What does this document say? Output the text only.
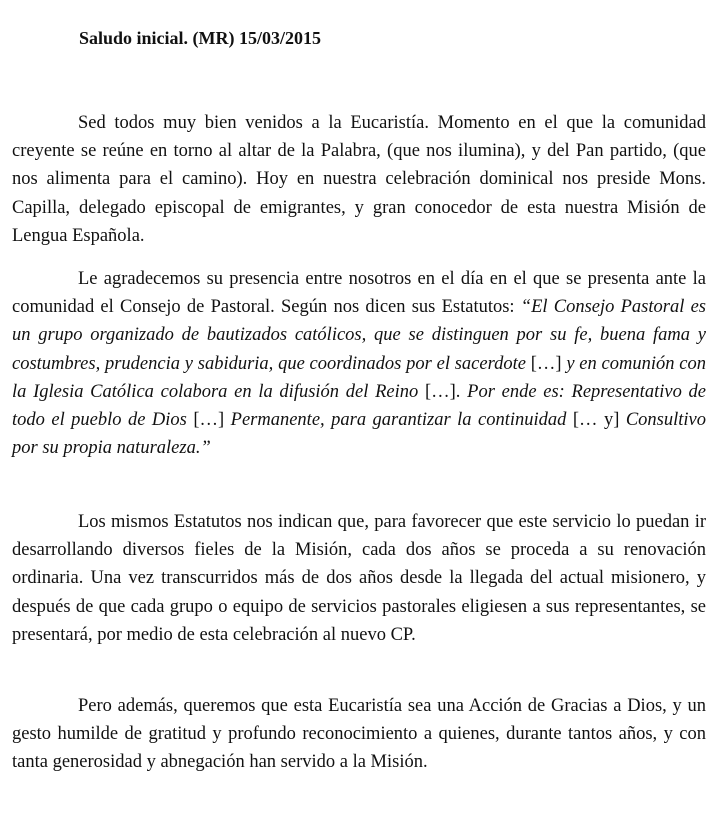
Saludo inicial. (MR) 15/03/2015

Sed todos muy bien venidos a la Eucaristía. Momento en el que la comunidad creyente se reúne en torno al altar de la Palabra, (que nos ilumina), y del Pan partido, (que nos alimenta para el camino). Hoy en nuestra celebración dominical nos preside Mons. Capilla, delegado episcopal de emigrantes, y gran conocedor de esta nuestra Misión de Lengua Española.

Le agradecemos su presencia entre nosotros en el día en el que se presenta ante la comunidad el Consejo de Pastoral. Según nos dicen sus Estatutos: “El Consejo Pastoral es un grupo organizado de bautizados católicos, que se distinguen por su fe, buena fama y costumbres, prudencia y sabiduria, que coordinados por el sacerdote […] y en comunión con la Iglesia Católica colabora en la difusión del Reino […]. Por ende es: Representativo de todo el pueblo de Dios […] Permanente, para garantizar la continuidad [… y] Consultivo por su propia naturaleza.”

Los mismos Estatutos nos indican que, para favorecer que este servicio lo puedan ir desarrollando diversos fieles de la Misión, cada dos años se proceda a su renovación ordinaria. Una vez transcurridos más de dos años desde la llegada del actual misionero, y después de que cada grupo o equipo de servicios pastorales eligiesen a sus representantes, se presentará, por medio de esta celebración al nuevo CP.

Pero además, queremos que esta Eucaristía sea una Acción de Gracias a Dios, y un gesto humilde de gratitud y profundo reconocimiento a quienes, durante tantos años, y con tanta generosidad y abnegación han servido a la Misión.
